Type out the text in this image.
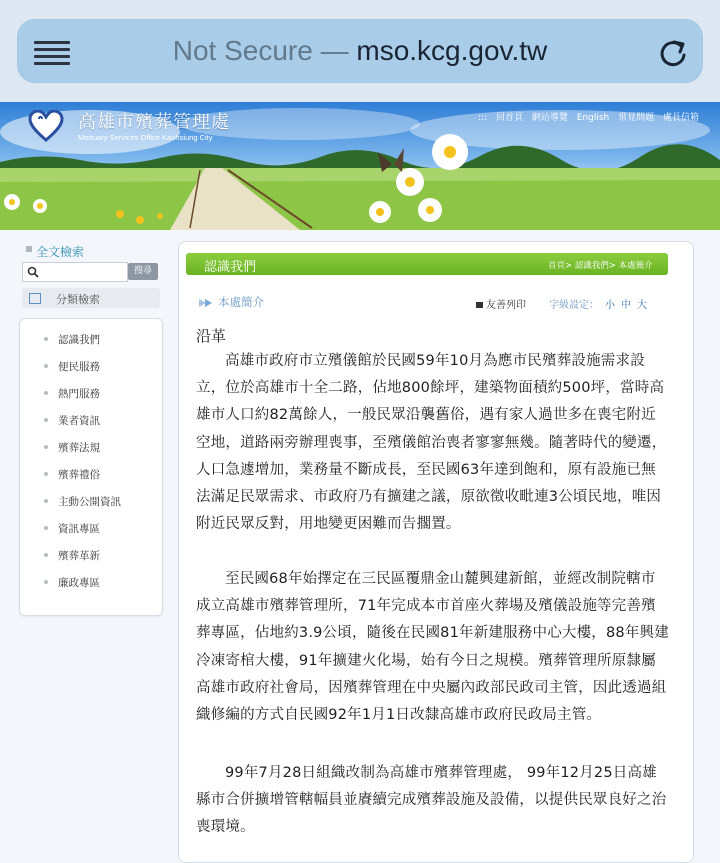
Not Secure — mso.kcg.gov.tw
高雄市殯葬管理處
Mortuary Services Office Kaohsiung City
::: 回首頁 網站導覽 English 常見問題 處長信箱
全文檢索
搜尋
分類檢索
認識我們
便民服務
熱門服務
業者資訊
殯葬法規
殯葬禮俗
主動公開資訊
資訊專區
殯葬革新
廉政專區
認識我們	首頁> 認識我們> 本處簡介
本處簡介	友善列印 字級設定： 小 中 大
沿革
高雄市政府市立殯儀館於民國59年10月為應市民殯葬設施需求設立，位於高雄市十全二路，佔地800餘坪，建築物面積約500坪，當時高雄市人口約82萬餘人，一般民眾沿襲舊俗，遇有家人過世多在喪宅附近空地，道路兩旁辦理喪事，至殯儀館治喪者寥寥無幾。隨著時代的變遷，人口急遽增加，業務量不斷成長，至民國63年達到飽和，原有設施已無法滿足民眾需求、市政府乃有擴建之議，原欲徵收毗連3公頃民地，唯因附近民眾反對，用地變更困難而告擱置。
至民國68年始擇定在三民區覆鼎金山麓興建新館，並經改制院轄市成立高雄市殯葬管理所，71年完成本市首座火葬場及殯儀設施等完善殯葬專區，佔地約3.9公頃，隨後在民國81年新建服務中心大樓，88年興建冷凍寄棺大樓，91年擴建火化場，始有今日之規模。殯葬管理所原隸屬高雄市政府社會局，因殯葬管理在中央屬內政部民政司主管，因此透過組織修編的方式自民國92年1月1日改隸高雄市政府民政局主管。
99年7月28日組織改制為高雄市殯葬管理處， 99年12月25日高雄縣市合併擴增管轄幅員並賡續完成殯葬設施及設備，以提供民眾良好之治喪環境。
